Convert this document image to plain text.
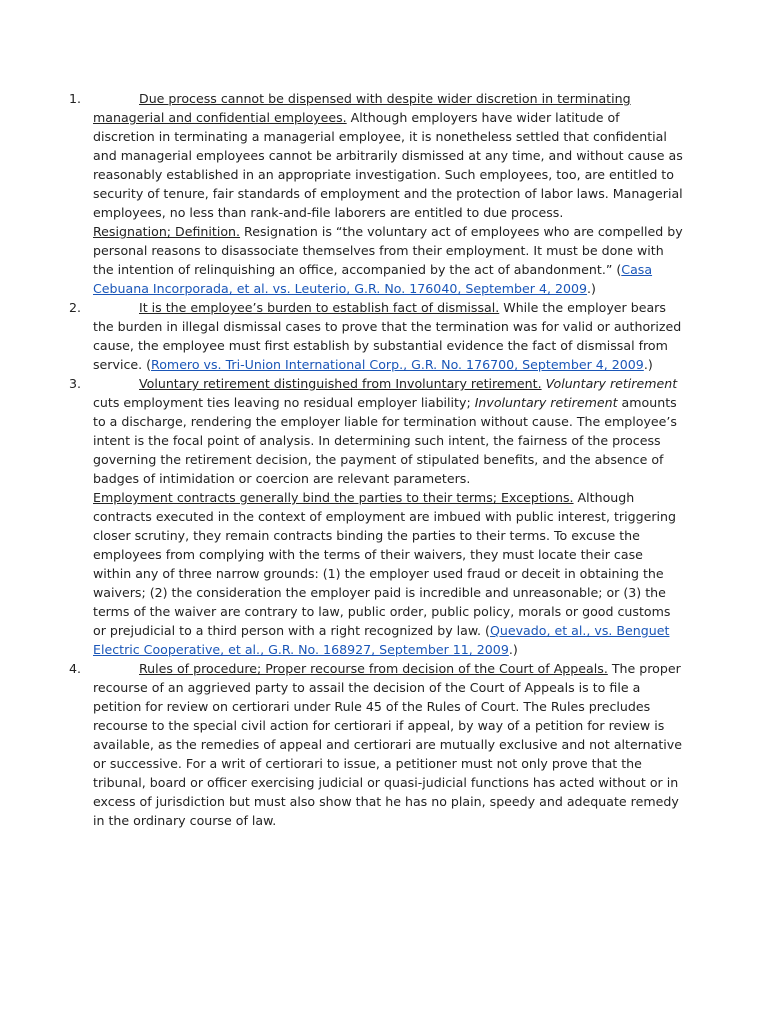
1.	Due process cannot be dispensed with despite wider discretion in terminating managerial and confidential employees. Although employers have wider latitude of discretion in terminating a managerial employee, it is nonetheless settled that confidential and managerial employees cannot be arbitrarily dismissed at any time, and without cause as reasonably established in an appropriate investigation. Such employees, too, are entitled to security of tenure, fair standards of employment and the protection of labor laws. Managerial employees, no less than rank-and-file laborers are entitled to due process.
Resignation; Definition. Resignation is “the voluntary act of employees who are compelled by personal reasons to disassociate themselves from their employment. It must be done with the intention of relinquishing an office, accompanied by the act of abandonment.” (Casa Cebuana Incorporada, et al. vs. Leuterio, G.R. No. 176040, September 4, 2009.)
2.	It is the employee’s burden to establish fact of dismissal. While the employer bears the burden in illegal dismissal cases to prove that the termination was for valid or authorized cause, the employee must first establish by substantial evidence the fact of dismissal from service. (Romero vs. Tri-Union International Corp., G.R. No. 176700, September 4, 2009.)
3.	Voluntary retirement distinguished from Involuntary retirement. Voluntary retirement cuts employment ties leaving no residual employer liability; Involuntary retirement amounts to a discharge, rendering the employer liable for termination without cause. The employee’s intent is the focal point of analysis. In determining such intent, the fairness of the process governing the retirement decision, the payment of stipulated benefits, and the absence of badges of intimidation or coercion are relevant parameters.
Employment contracts generally bind the parties to their terms; Exceptions. Although contracts executed in the context of employment are imbued with public interest, triggering closer scrutiny, they remain contracts binding the parties to their terms. To excuse the employees from complying with the terms of their waivers, they must locate their case within any of three narrow grounds: (1) the employer used fraud or deceit in obtaining the waivers; (2) the consideration the employer paid is incredible and unreasonable; or (3) the terms of the waiver are contrary to law, public order, public policy, morals or good customs or prejudicial to a third person with a right recognized by law. (Quevado, et al., vs. Benguet Electric Cooperative, et al., G.R. No. 168927, September 11, 2009.)
4.	Rules of procedure; Proper recourse from decision of the Court of Appeals. The proper recourse of an aggrieved party to assail the decision of the Court of Appeals is to file a petition for review on certiorari under Rule 45 of the Rules of Court. The Rules precludes recourse to the special civil action for certiorari if appeal, by way of a petition for review is available, as the remedies of appeal and certiorari are mutually exclusive and not alternative or successive. For a writ of certiorari to issue, a petitioner must not only prove that the tribunal, board or officer exercising judicial or quasi-judicial functions has acted without or in excess of jurisdiction but must also show that he has no plain, speedy and adequate remedy in the ordinary course of law.
